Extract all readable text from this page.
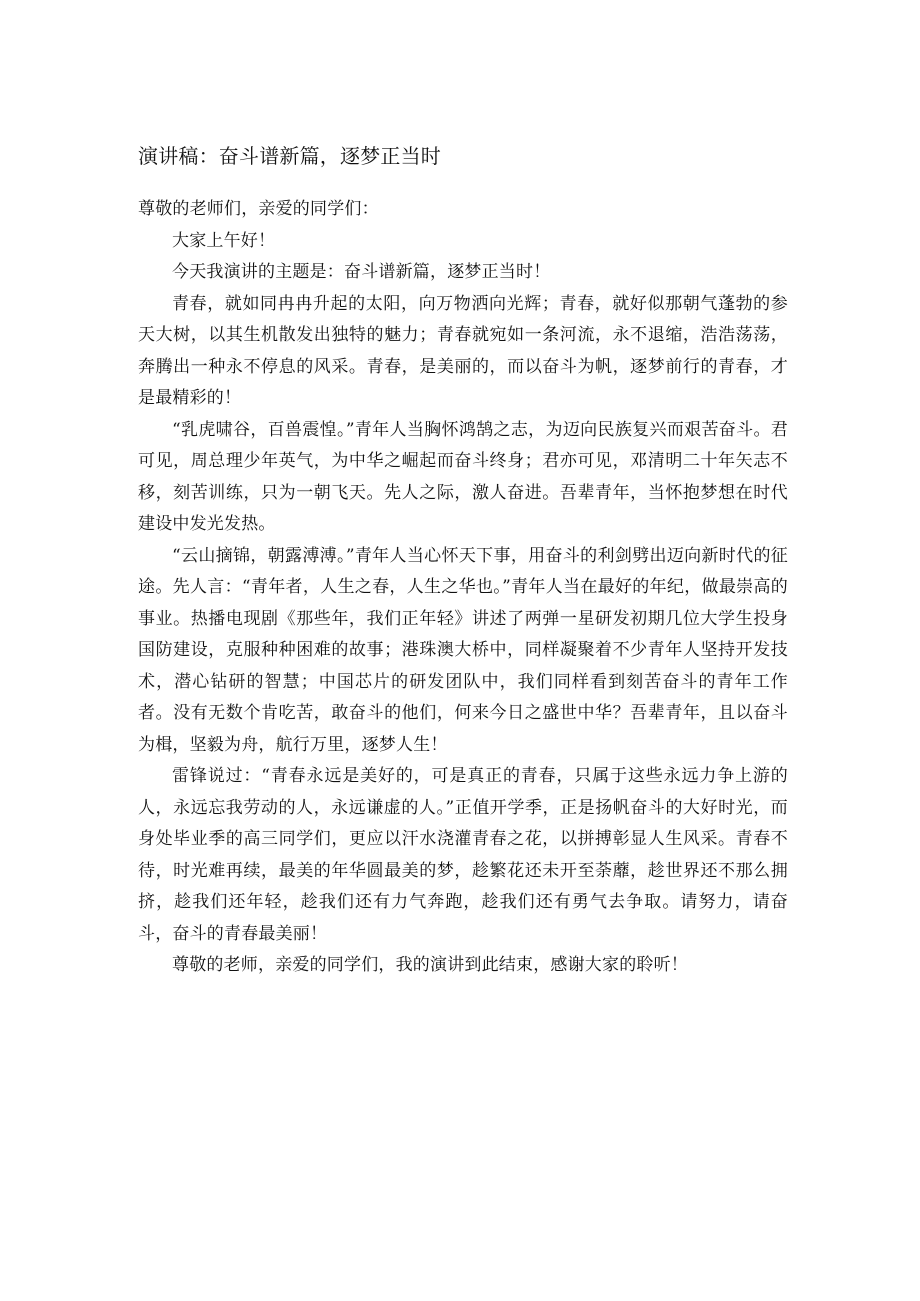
演讲稿：奋斗谱新篇，逐梦正当时

尊敬的老师们，亲爱的同学们：

大家上午好！

今天我演讲的主题是：奋斗谱新篇，逐梦正当时！

青春，就如同冉冉升起的太阳，向万物洒向光辉；青春，就好似那朝气蓬勃的参天大树，以其生机散发出独特的魅力；青春就宛如一条河流，永不退缩，浩浩荡荡，奔腾出一种永不停息的风采。青春，是美丽的，而以奋斗为帆，逐梦前行的青春，才是最精彩的！

“乳虎啸谷，百兽震惶。”青年人当胸怀鸿鹄之志，为迈向民族复兴而艰苦奋斗。君可见，周总理少年英气，为中华之崛起而奋斗终身；君亦可见，邓清明二十年矢志不移，刻苦训练，只为一朝飞天。先人之际，激人奋进。吾辈青年，当怀抱梦想在时代建设中发光发热。

“云山摘锦，朝露溥溥。”青年人当心怀天下事，用奋斗的利剑劈出迈向新时代的征途。先人言：“青年者，人生之春，人生之华也。”青年人当在最好的年纪，做最崇高的事业。热播电现剧《那些年，我们正年轻》讲述了两弹一星研发初期几位大学生投身国防建设，克服种种困难的故事；港珠澳大桥中，同样凝聚着不少青年人坚持开发技术，潜心钻研的智慧；中国芯片的研发团队中，我们同样看到刻苦奋斗的青年工作者。没有无数个肯吃苦，敢奋斗的他们，何来今日之盛世中华？吾辈青年，且以奋斗为楫，坚毅为舟，航行万里，逐梦人生！

雷锋说过：“青春永远是美好的，可是真正的青春，只属于这些永远力争上游的人，永远忘我劳动的人，永远谦虚的人。”正值开学季，正是扬帆奋斗的大好时光，而身处毕业季的高三同学们，更应以汗水浇灌青春之花，以拼搏彰显人生风采。青春不待，时光难再续，最美的年华圆最美的梦，趁繁花还未开至荼蘼，趁世界还不那么拥挤，趁我们还年轻，趁我们还有力气奔跑，趁我们还有勇气去争取。请努力，请奋斗，奋斗的青春最美丽！

尊敬的老师，亲爱的同学们，我的演讲到此结束，感谢大家的聆听！
